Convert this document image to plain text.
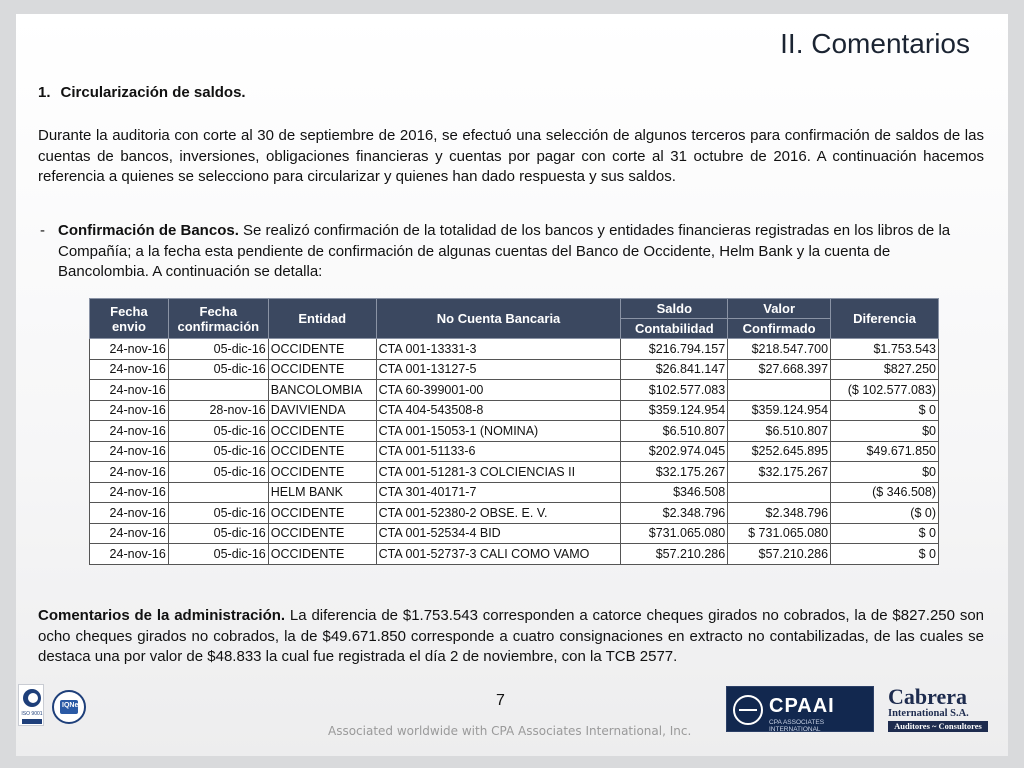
II. Comentarios
1. Circularización de saldos.
Durante la auditoria con corte al 30 de septiembre de 2016, se efectuó una selección de algunos terceros para confirmación de saldos de las cuentas de bancos, inversiones, obligaciones financieras y cuentas por pagar con corte al 31 octubre de 2016. A continuación hacemos referencia a quienes se selecciono para circularizar y quienes han dado respuesta y sus saldos.
- Confirmación de Bancos. Se realizó confirmación de la totalidad de los bancos y entidades financieras registradas en los libros de la Compañía; a la fecha esta pendiente de confirmación de algunas cuentas del Banco de Occidente, Helm Bank y la cuenta de Bancolombia. A continuación se detalla:
Fecha envio	Fecha confirmación	Entidad	No Cuenta Bancaria	Saldo	Valor	Diferencia
				Contabilidad	Confirmado	
24-nov-16	05-dic-16	OCCIDENTE	CTA 001-13331-3	$216.794.157	$218.547.700	$1.753.543
24-nov-16	05-dic-16	OCCIDENTE	CTA 001-13127-5	$26.841.147	$27.668.397	$827.250
24-nov-16		BANCOLOMBIA	CTA 60-399001-00	$102.577.083		($ 102.577.083)
24-nov-16	28-nov-16	DAVIVIENDA	CTA 404-543508-8	$359.124.954	$359.124.954	$ 0
24-nov-16	05-dic-16	OCCIDENTE	CTA 001-15053-1 (NOMINA)	$6.510.807	$6.510.807	$0
24-nov-16	05-dic-16	OCCIDENTE	CTA 001-51133-6	$202.974.045	$252.645.895	$49.671.850
24-nov-16	05-dic-16	OCCIDENTE	CTA 001-51281-3 COLCIENCIAS II	$32.175.267	$32.175.267	$0
24-nov-16		HELM BANK	CTA 301-40171-7	$346.508		($ 346.508)
24-nov-16	05-dic-16	OCCIDENTE	CTA 001-52380-2 OBSE. E. V.	$2.348.796	$2.348.796	($ 0)
24-nov-16	05-dic-16	OCCIDENTE	CTA 001-52534-4 BID	$731.065.080	$ 731.065.080	$ 0
24-nov-16	05-dic-16	OCCIDENTE	CTA 001-52737-3 CALI COMO VAMO	$57.210.286	$57.210.286	$ 0
Comentarios de la administración. La diferencia de $1.753.543 corresponden a catorce cheques girados no cobrados, la de $827.250 son ocho cheques girados no cobrados, la de $49.671.850 corresponde a cuatro consignaciones en extracto no contabilizadas, de las cuales se destaca una por valor de $48.833 la cual fue registrada el día 2 de noviembre, con la TCB 2577.
ISO 9001
IQNet	7
Associated worldwide with CPA Associates International, Inc.
CPAAI
CPA ASSOCIATES INTERNATIONAL
Cabrera
International S.A.
Auditores ~ Consultores
